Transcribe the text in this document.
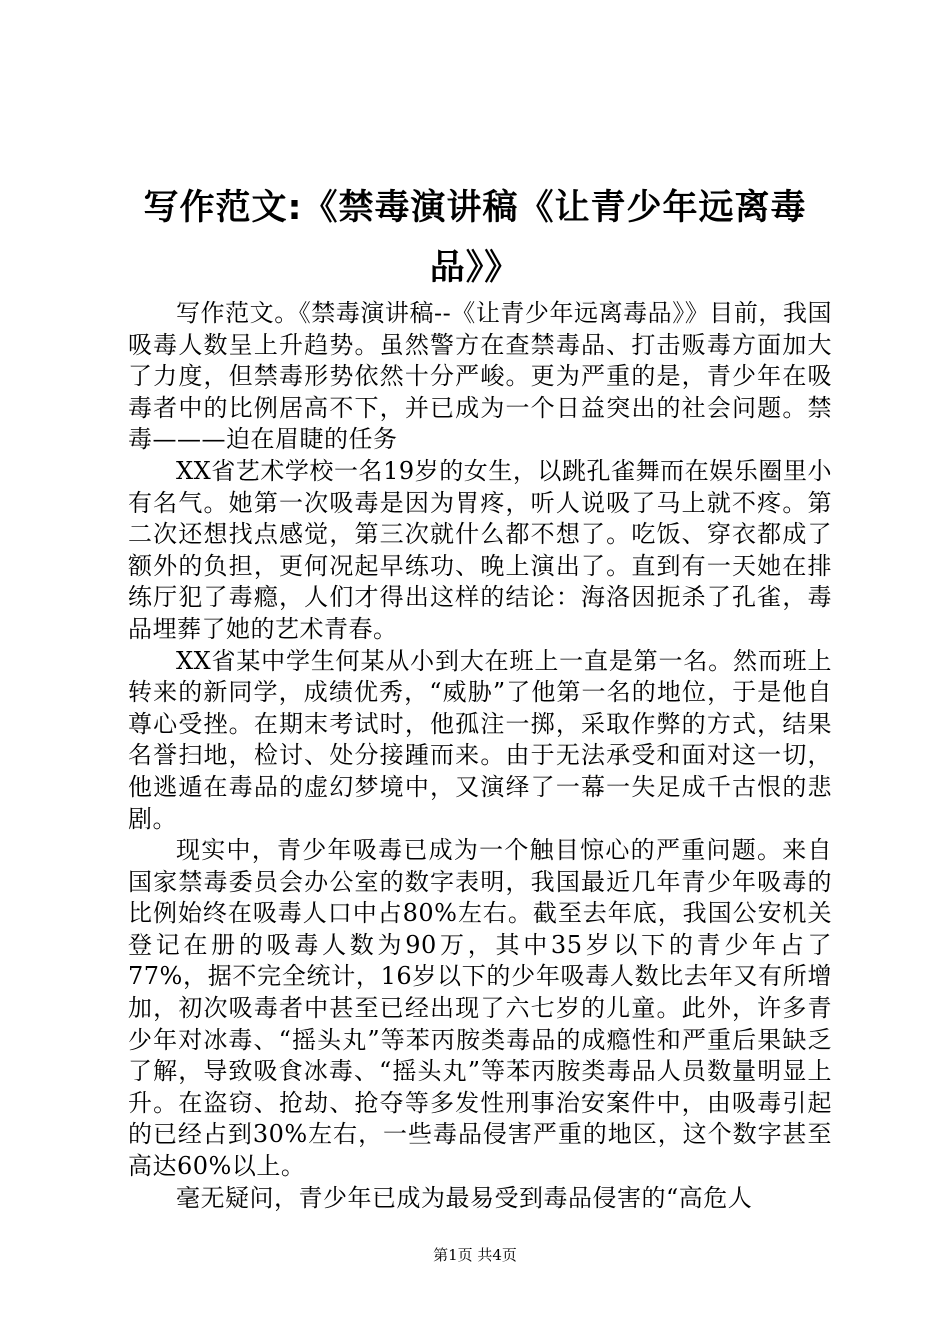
写作范文:《禁毒演讲稿《让青少年远离毒品》》

写作范文。《禁毒演讲稿--《让青少年远离毒品》》目前，我国吸毒人数呈上升趋势。虽然警方在查禁毒品、打击贩毒方面加大了力度，但禁毒形势依然十分严峻。更为严重的是，青少年在吸毒者中的比例居高不下，并已成为一个日益突出的社会问题。禁毒———迫在眉睫的任务

XX省艺术学校一名19岁的女生，以跳孔雀舞而在娱乐圈里小有名气。她第一次吸毒是因为胃疼，听人说吸了马上就不疼。第二次还想找点感觉，第三次就什么都不想了。吃饭、穿衣都成了额外的负担，更何况起早练功、晚上演出了。直到有一天她在排练厅犯了毒瘾，人们才得出这样的结论：海洛因扼杀了孔雀，毒品埋葬了她的艺术青春。

XX省某中学生何某从小到大在班上一直是第一名。然而班上转来的新同学，成绩优秀，“威胁”了他第一名的地位，于是他自尊心受挫。在期末考试时，他孤注一掷，采取作弊的方式，结果名誉扫地，检讨、处分接踵而来。由于无法承受和面对这一切，他逃遁在毒品的虚幻梦境中，又演绎了一幕一失足成千古恨的悲剧。

现实中，青少年吸毒已成为一个触目惊心的严重问题。来自国家禁毒委员会办公室的数字表明，我国最近几年青少年吸毒的比例始终在吸毒人口中占80%左右。截至去年底，我国公安机关登记在册的吸毒人数为90万，其中35岁以下的青少年占了77%，据不完全统计，16岁以下的少年吸毒人数比去年又有所增加，初次吸毒者中甚至已经出现了六七岁的儿童。此外，许多青少年对冰毒、“摇头丸”等苯丙胺类毒品的成瘾性和严重后果缺乏了解，导致吸食冰毒、“摇头丸”等苯丙胺类毒品人员数量明显上升。在盗窃、抢劫、抢夺等多发性刑事治安案件中，由吸毒引起的已经占到30%左右，一些毒品侵害严重的地区，这个数字甚至高达60%以上。

毫无疑问，青少年已成为最易受到毒品侵害的“高危人

第1页 共4页
